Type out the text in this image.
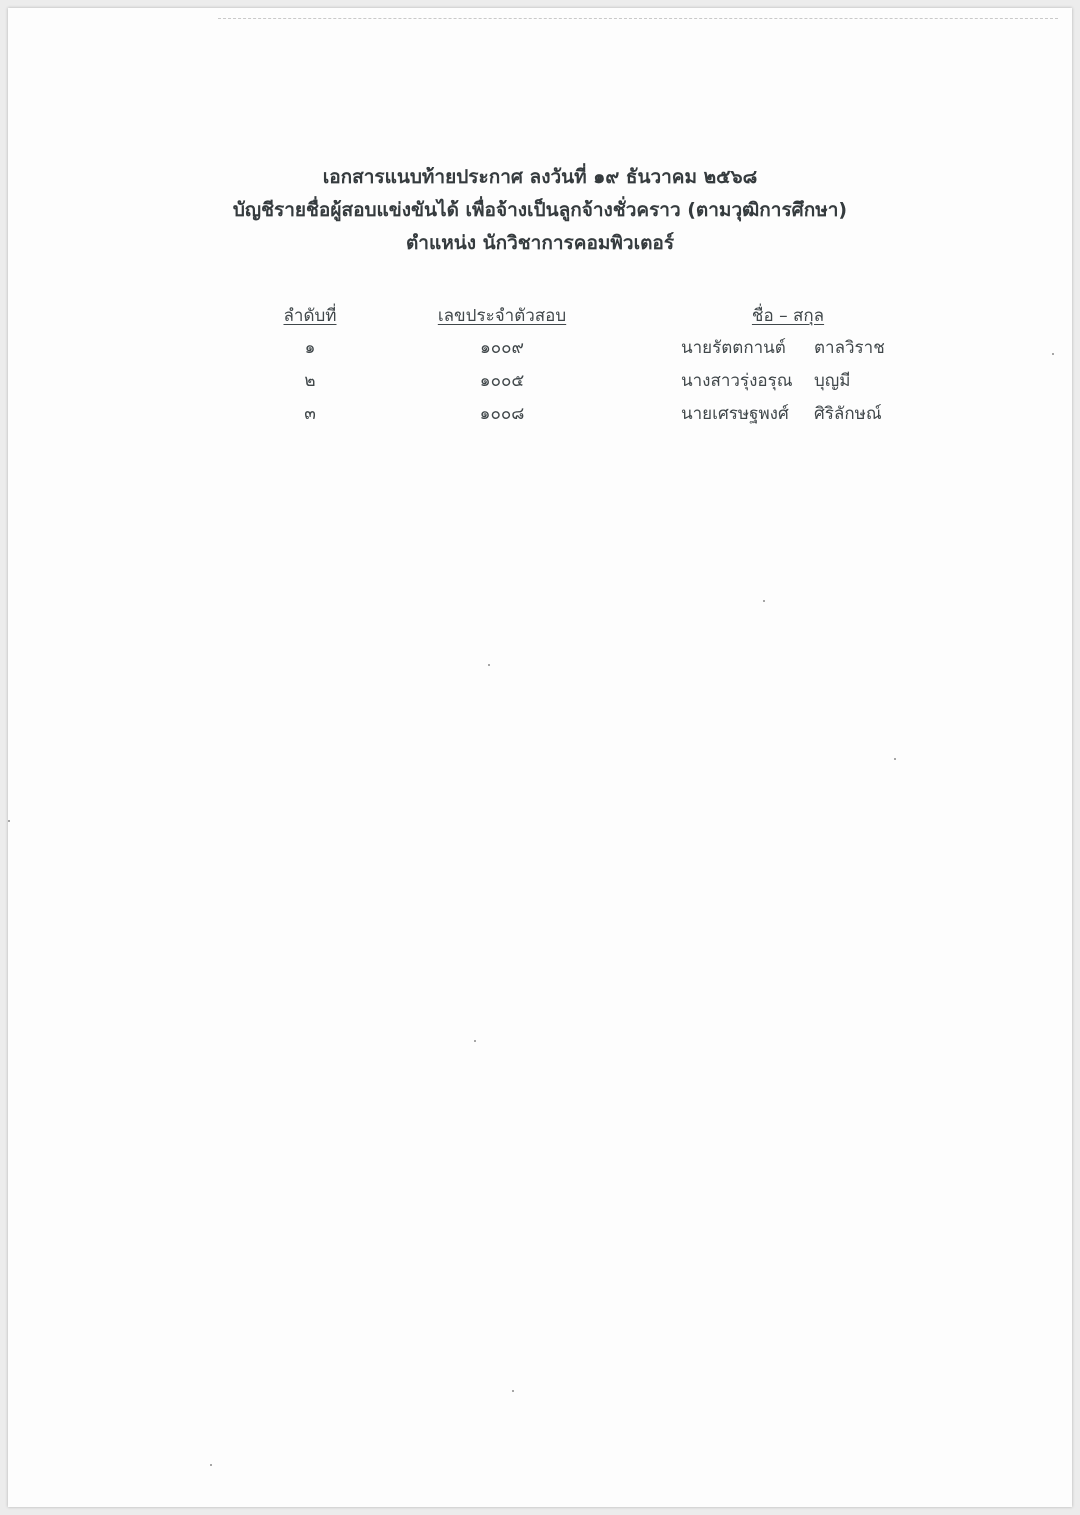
เอกสารแนบท้ายประกาศ ลงวันที่ ๑๙ ธันวาคม ๒๕๖๘
บัญชีรายชื่อผู้สอบแข่งขันได้ เพื่อจ้างเป็นลูกจ้างชั่วคราว (ตามวุฒิการศึกษา)
ตำแหน่ง นักวิชาการคอมพิวเตอร์
ลำดับที่	เลขประจำตัวสอบ	ชื่อ – สกุล
๑	๑๐๐๙	นายรัตตกานต์ ตาลวิราช
๒	๑๐๐๕	นางสาวรุ่งอรุณ บุญมี
๓	๑๐๐๘	นายเศรษฐพงศ์ ศิริลักษณ์
